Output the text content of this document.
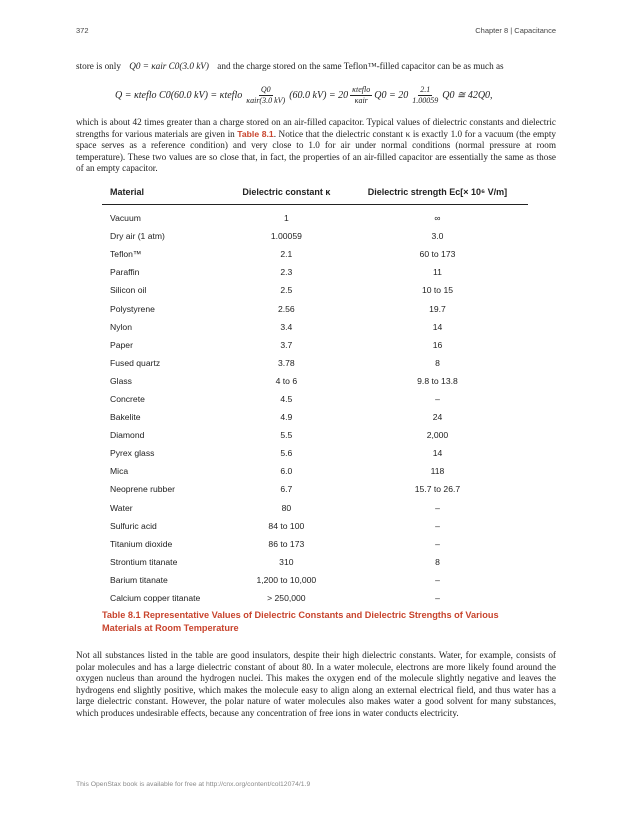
372	Chapter 8 | Capacitance
store is only Q0 = κair C0(3.0 kV) and the charge stored on the same Teflon™-filled capacitor can be as much as
Q = κteflo C0(60.0 kV) = κteflo $\frac{Q0}{\text{κair(3.0 kV)}} (60.0$ $kV) = 20 \frac{\text{κteflo}}{\text{κair}} Q0 = 20 \frac{2.1}{1.00059} Q0$ ≅ 42Q0,
which is about 42 times greater than a charge stored on an air-filled capacitor. Typical values of dielectric constants and dielectric strengths for various materials are given in Table 8.1. Notice that the dielectric constant κ is exactly 1.0 for a vacuum (the empty space serves as a reference condition) and very close to 1.0 for air under normal conditions (normal pressure at room temperature). These two values are so close that, in fact, the properties of an air-filled capacitor are essentially the same as those of an empty capacitor.
Material	Dielectric constant κ	Dielectric strength Ec[× 10⁶ V/m]
Vacuum	1	∞
Dry air (1 atm)	1.00059	3.0
Teflon™	2.1	60 to 173
Paraffin	2.3	11
Silicon oil	2.5	10 to 15
Polystyrene	2.56	19.7
Nylon	3.4	14
Paper	3.7	16
Fused quartz	3.78	8
Glass	4 to 6	9.8 to 13.8
Concrete	4.5	–
Bakelite	4.9	24
Diamond	5.5	2,000
Pyrex glass	5.6	14
Mica	6.0	118
Neoprene rubber	6.7	15.7 to 26.7
Water	80	–
Sulfuric acid	84 to 100	–
Titanium dioxide	86 to 173	–
Strontium titanate	310	8
Barium titanate	1,200 to 10,000	–
Calcium copper titanate	> 250,000	–
Table 8.1 Representative Values of Dielectric Constants and Dielectric Strengths of Various Materials at Room Temperature
Not all substances listed in the table are good insulators, despite their high dielectric constants. Water, for example, consists of polar molecules and has a large dielectric constant of about 80. In a water molecule, electrons are more likely found around the oxygen nucleus than around the hydrogen nuclei. This makes the oxygen end of the molecule slightly negative and leaves the hydrogens end slightly positive, which makes the molecule easy to align along an external electrical field, and thus water has a large dielectric constant. However, the polar nature of water molecules also makes water a good solvent for many substances, which produces undesirable effects, because any concentration of free ions in water conducts electricity.
This OpenStax book is available for free at http://cnx.org/content/col12074/1.9
